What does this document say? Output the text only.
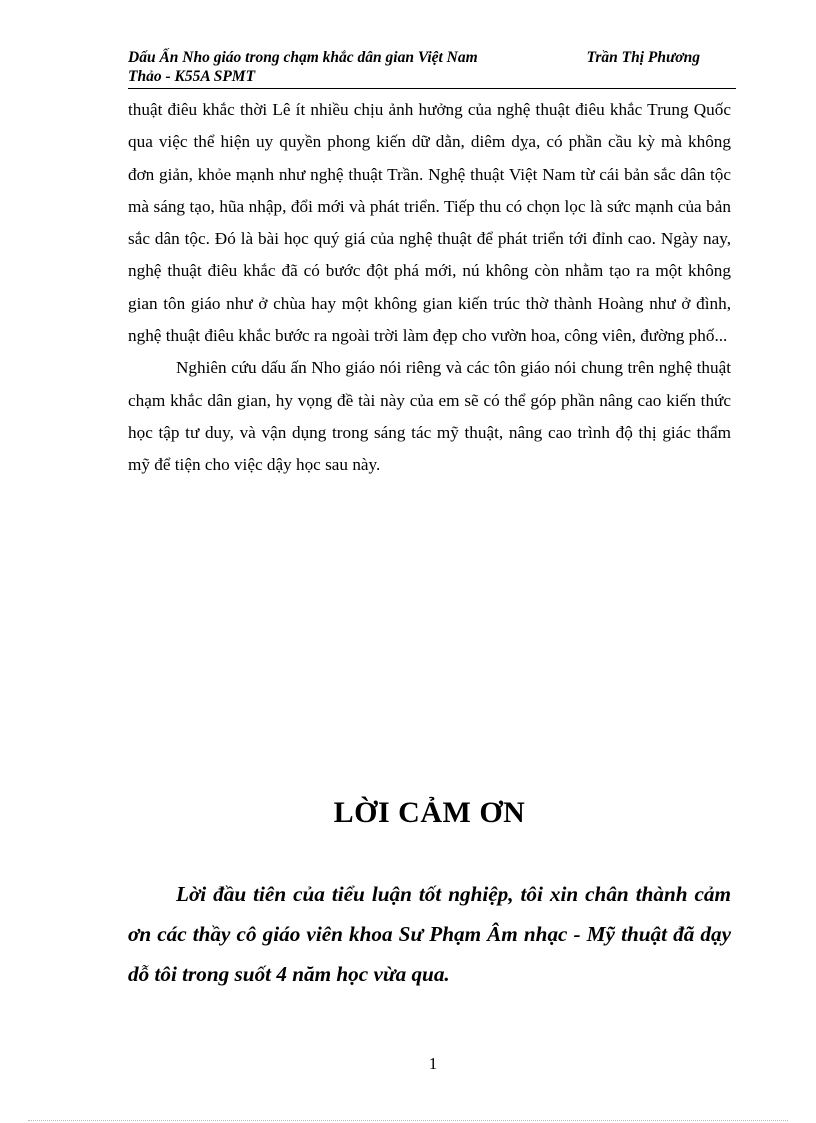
Dấu Ấn Nho giáo trong chạm khắc dân gian Việt Nam	Trần Thị Phương
Thảo - K55A SPMT

thuật điêu khắc thời Lê ít nhiều chịu ảnh hưởng của nghệ thuật điêu khắc Trung Quốc qua việc thể hiện uy quyền phong kiến dữ dằn, diêm dỵa, có phần cầu kỳ mà không đơn giản, khỏe mạnh như nghệ thuật Trần. Nghệ thuật Việt Nam từ cái bản sắc dân tộc mà sáng tạo, hũa nhập, đổi mới và phát triển. Tiếp thu có chọn lọc là sức mạnh của bản sắc dân tộc. Đó là bài học quý giá của nghệ thuật để phát triển tới đỉnh cao. Ngày nay, nghệ thuật điêu khắc đã có bước đột phá mới, nú không còn nhằm tạo ra một không gian tôn giáo như ở chùa hay một không gian kiến trúc thờ thành Hoàng như ở đình, nghệ thuật điêu khắc bước ra ngoài trời làm đẹp cho vườn hoa, công viên, đường phố...

Nghiên cứu dấu ấn Nho giáo nói riêng và các tôn giáo nói chung trên nghệ thuật chạm khắc dân gian, hy vọng đề tài này của em sẽ có thể góp phần nâng cao kiến thức học tập tư duy, và vận dụng trong sáng tác mỹ thuật, nâng cao trình độ thị giác thẩm mỹ để tiện cho việc dậy học sau này.

LỜI CẢM ƠN
Lời đầu tiên của tiểu luận tốt nghiệp, tôi xin chân thành cảm ơn các thầy cô giáo viên khoa Sư Phạm Âm nhạc - Mỹ thuật đã dạy dỗ tôi trong suốt 4 năm học vừa qua.
1
